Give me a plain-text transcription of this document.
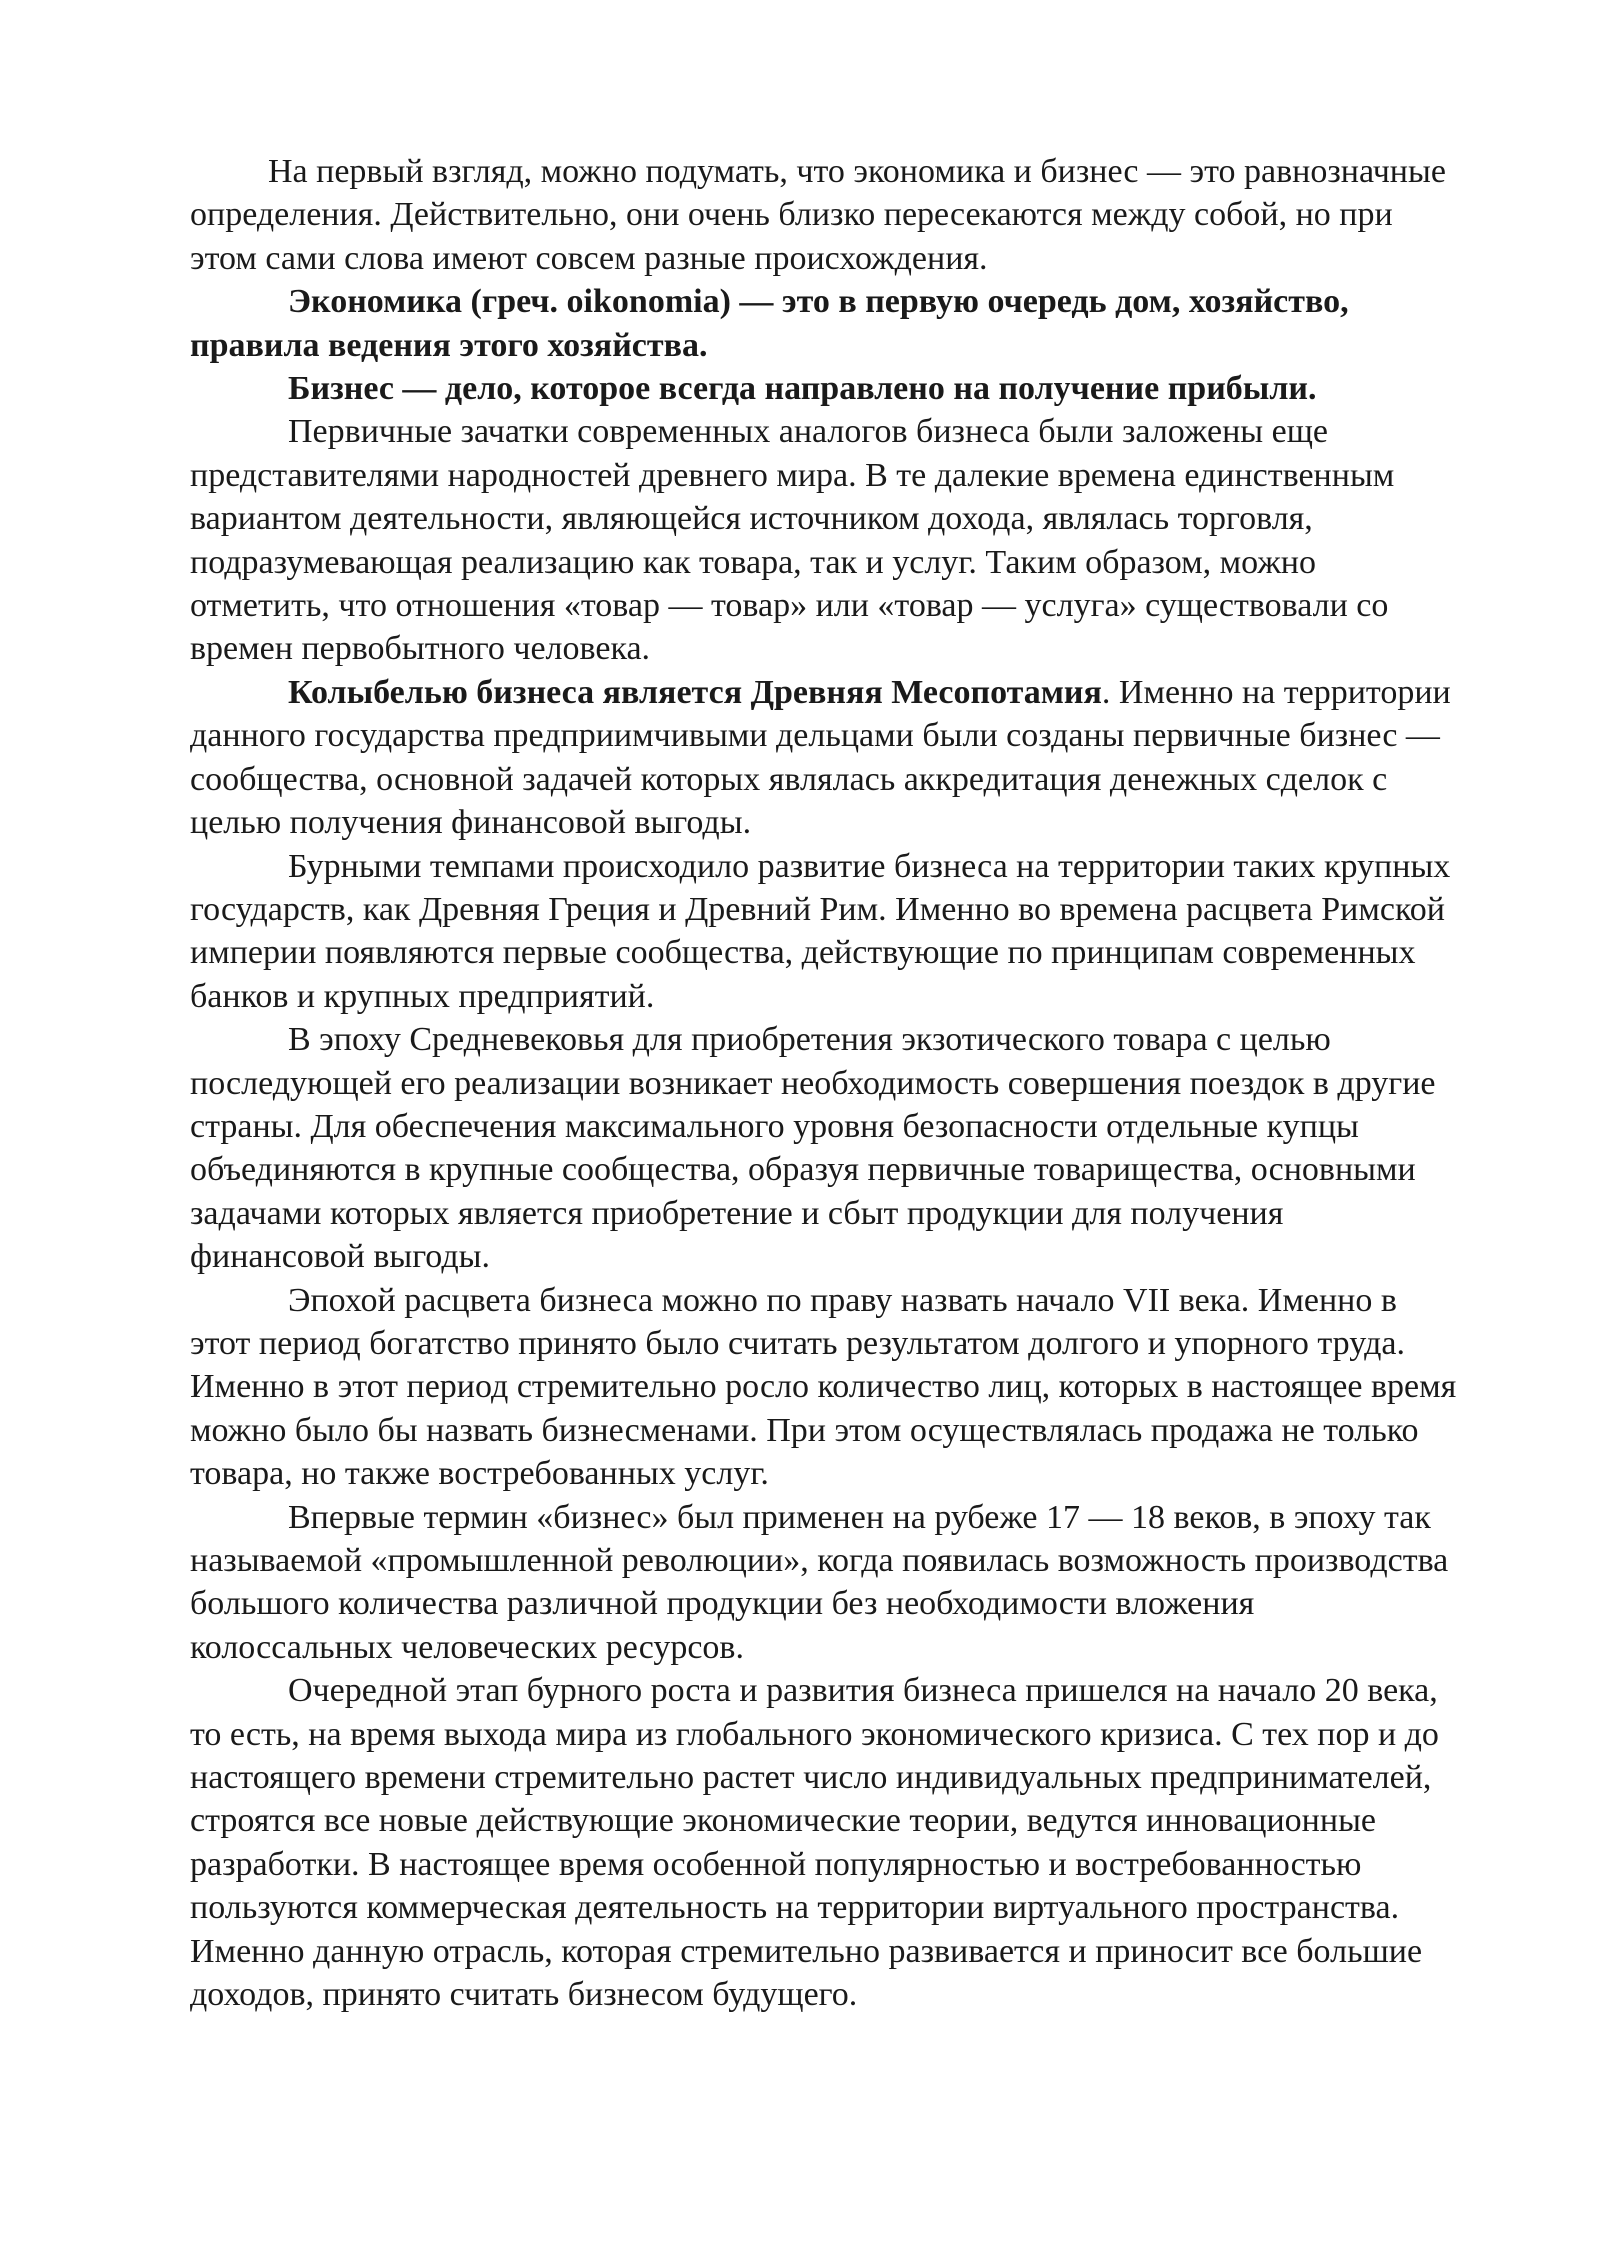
На первый взгляд, можно подумать, что экономика и бизнес — это равнозначные определения. Действительно, они очень близко пересекаются между собой, но при этом сами слова имеют совсем разные происхождения.

Экономика (греч. oikonomia) — это в первую очередь дом, хозяйство, правила ведения этого хозяйства.

Бизнес — дело, которое всегда направлено на получение прибыли.

Первичные зачатки современных аналогов бизнеса были заложены еще представителями народностей древнего мира. В те далекие времена единственным вариантом деятельности, являющейся источником дохода, являлась торговля, подразумевающая реализацию как товара, так и услуг. Таким образом, можно отметить, что отношения «товар — товар» или «товар — услуга» существовали со времен первобытного человека.

Колыбелью бизнеса является Древняя Месопотамия. Именно на территории данного государства предприимчивыми дельцами были созданы первичные бизнес — сообщества, основной задачей которых являлась аккредитация денежных сделок с целью получения финансовой выгоды.

Бурными темпами происходило развитие бизнеса на территории таких крупных государств, как Древняя Греция и Древний Рим. Именно во времена расцвета Римской империи появляются первые сообщества, действующие по принципам современных банков и крупных предприятий.

В эпоху Средневековья для приобретения экзотического товара с целью последующей его реализации возникает необходимость совершения поездок в другие страны. Для обеспечения максимального уровня безопасности отдельные купцы объединяются в крупные сообщества, образуя первичные товарищества, основными задачами которых является приобретение и сбыт продукции для получения финансовой выгоды.

Эпохой расцвета бизнеса можно по праву назвать начало VII века. Именно в этот период богатство принято было считать результатом долгого и упорного труда. Именно в этот период стремительно росло количество лиц, которых в настоящее время можно было бы назвать бизнесменами. При этом осуществлялась продажа не только товара, но также востребованных услуг.

Впервые термин «бизнес» был применен на рубеже 17 — 18 веков, в эпоху так называемой «промышленной революции», когда появилась возможность производства большого количества различной продукции без необходимости вложения колоссальных человеческих ресурсов.

Очередной этап бурного роста и развития бизнеса пришелся на начало 20 века, то есть, на время выхода мира из глобального экономического кризиса. С тех пор и до настоящего времени стремительно растет число индивидуальных предпринимателей, строятся все новые действующие экономические теории, ведутся инновационные разработки. В настоящее время особенной популярностью и востребованностью пользуются коммерческая деятельность на территории виртуального пространства. Именно данную отрасль, которая стремительно развивается и приносит все большие доходов, принято считать бизнесом будущего.
